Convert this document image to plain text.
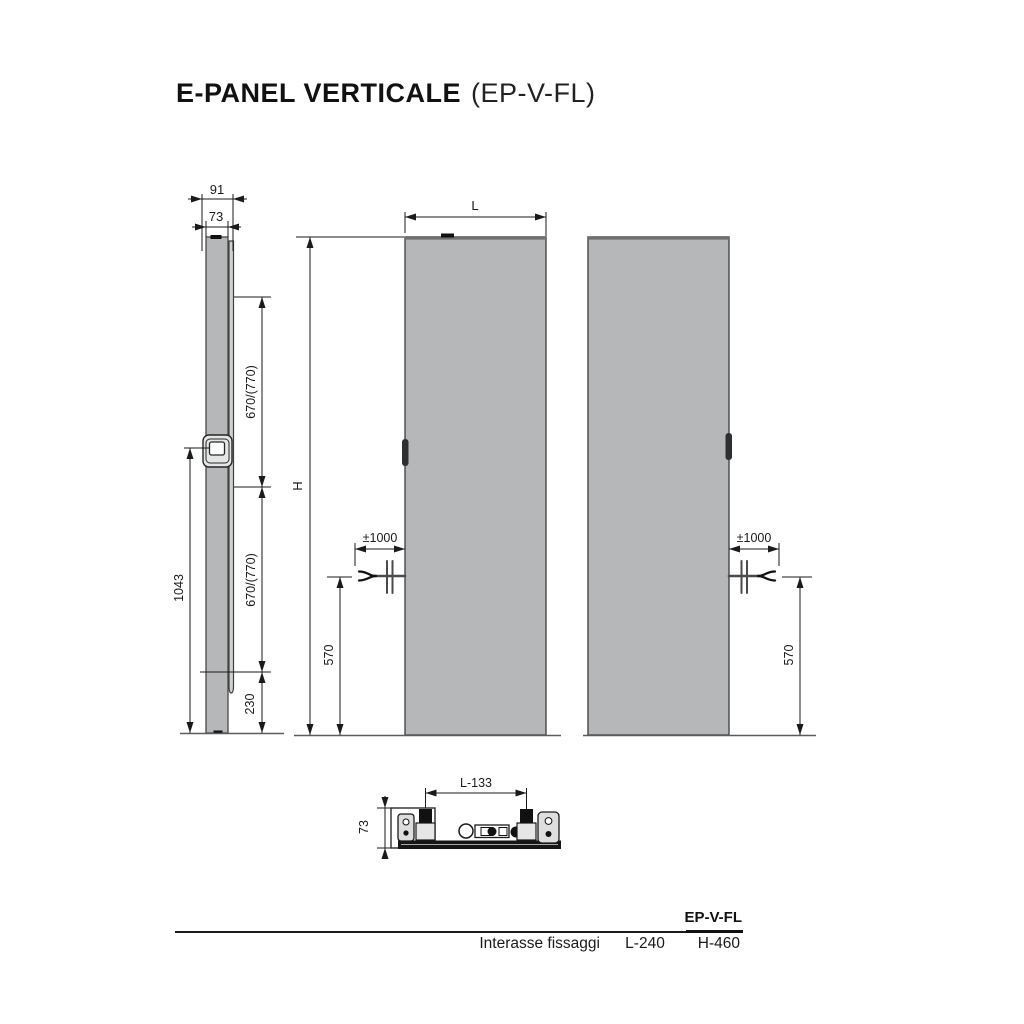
E-PANEL VERTICALE (EP-V-FL)
91
73
670/(770)
670/(770)
230
1043
L
H
±1000
570
±1000
570
L-133
73
EP-V-FL
Interasse fissaggi	L-240	H-460
